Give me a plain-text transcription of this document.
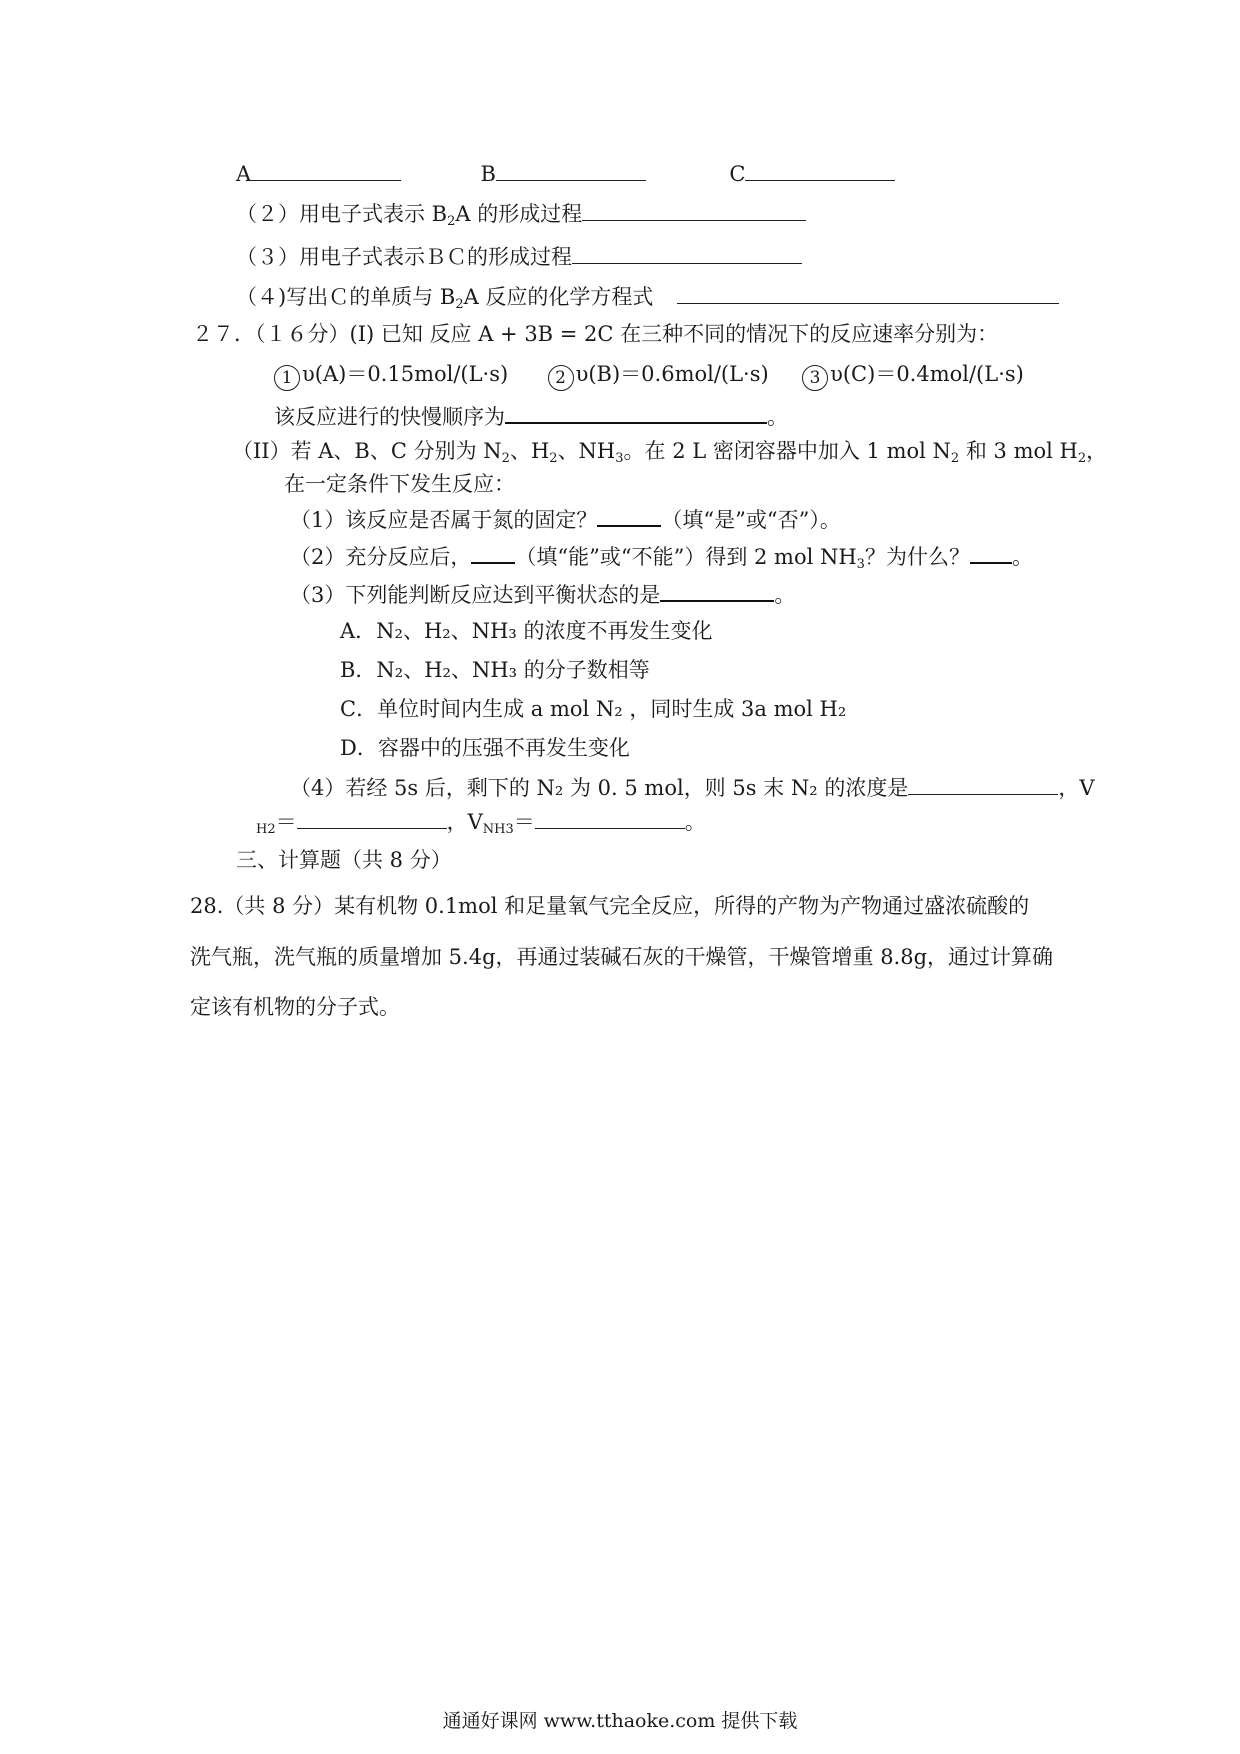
A	B	C
（２）用电子式表示 $B_2A$ 的形成过程
（３）用电子式表示ＢＣ的形成过程
（４)写出Ｃ的单质与 $B_2A$ 反应的化学方程式
２７．（１６分）(I) 已知 反应 A + 3B = 2C 在三种不同的情况下的反应速率分别为：
1 υ(A)＝0.15mol/(L·s)	2 υ(B)＝0.6mol/(L·s) 3 υ(C)＝0.4mol/(L·s)
该反应进行的快慢顺序为	。
（II）若 A、B、C 分别为 $N_2$、$H_2$、$NH_3$。在 2 L 密闭容器中加入 1 mol $N_2$ 和 3 mol $H_2$，
在一定条件下发生反应：
（1）该反应是否属于氮的固定？	（填“是”或“否”）。
（2）充分反应后， （填“能”或“不能”）得到 2 mol $NH_3$？为什么？ 。
（3）下列能判断反应达到平衡状态的是	。
A．N₂、H₂、NH₃ 的浓度不再发生变化
B．N₂、H₂、NH₃ 的分子数相等
C．单位时间内生成 a mol N₂ ，同时生成 3a mol H₂
D．容器中的压强不再发生变化
（4）若经 5s 后，剩下的 N₂ 为 0. 5 mol，则 5s 末 N₂ 的浓度是	，V
$_{H2}$＝	，$V_{NH3}=$	。
三、计算题（共 8 分）
28.（共 8 分）某有机物 0.1mol 和足量氧气完全反应，所得的产物为产物通过盛浓硫酸的
洗气瓶，洗气瓶的质量增加 5.4g，再通过装碱石灰的干燥管，干燥管增重 8.8g，通过计算确
定该有机物的分子式。
通通好课网 www.tthaoke.com 提供下载
